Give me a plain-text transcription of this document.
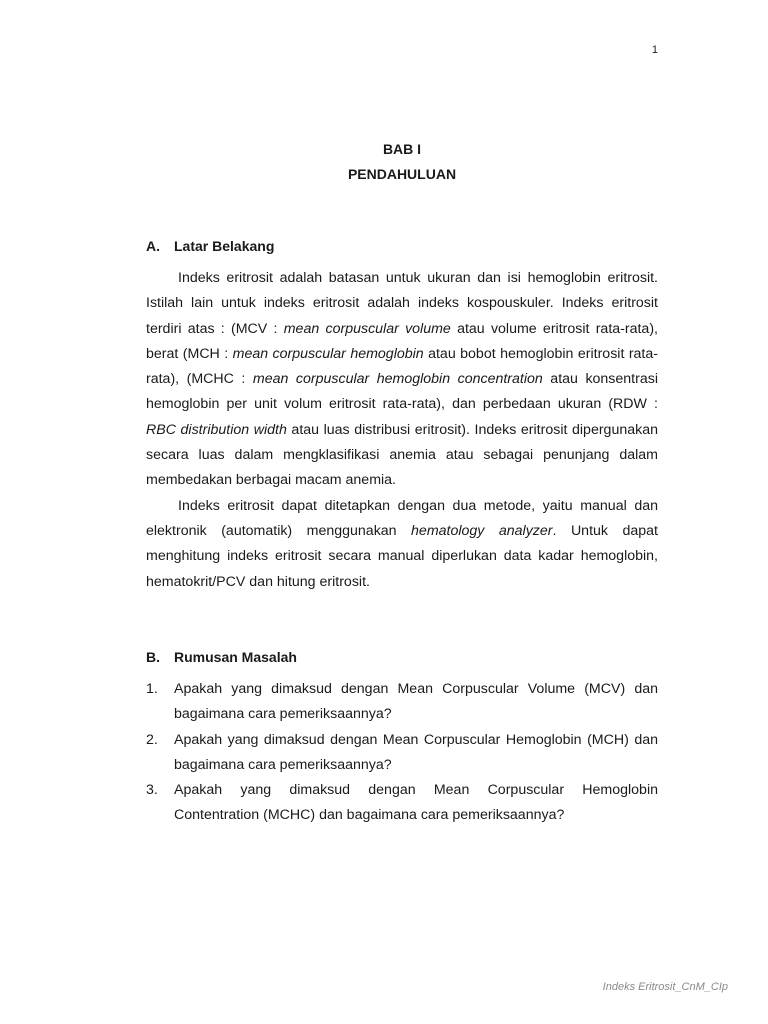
1
BAB I
PENDAHULUAN
A. Latar Belakang

Indeks eritrosit adalah batasan untuk ukuran dan isi hemoglobin eritrosit. Istilah lain untuk indeks eritrosit adalah indeks kospouskuler. Indeks eritrosit terdiri atas : (MCV : mean corpuscular volume atau volume eritrosit rata-rata), berat (MCH : mean corpuscular hemoglobin atau bobot hemoglobin eritrosit rata-rata), (MCHC : mean corpuscular hemoglobin concentration atau konsentrasi hemoglobin per unit volum eritrosit rata-rata), dan perbedaan ukuran (RDW : RBC distribution width atau luas distribusi eritrosit). Indeks eritrosit dipergunakan secara luas dalam mengklasifikasi anemia atau sebagai penunjang dalam membedakan berbagai macam anemia.

Indeks eritrosit dapat ditetapkan dengan dua metode, yaitu manual dan elektronik (automatik) menggunakan hematology analyzer. Untuk dapat menghitung indeks eritrosit secara manual diperlukan data kadar hemoglobin, hematokrit/PCV dan hitung eritrosit.

B. Rumusan Masalah
1.	Apakah yang dimaksud dengan Mean Corpuscular Volume (MCV) dan bagaimana cara pemeriksaannya?
2.	Apakah yang dimaksud dengan Mean Corpuscular Hemoglobin (MCH) dan bagaimana cara pemeriksaannya?
3.	Apakah yang dimaksud dengan Mean Corpuscular Hemoglobin Contentration (MCHC) dan bagaimana cara pemeriksaannya?
Indeks Eritrosit_CnM_CIp
